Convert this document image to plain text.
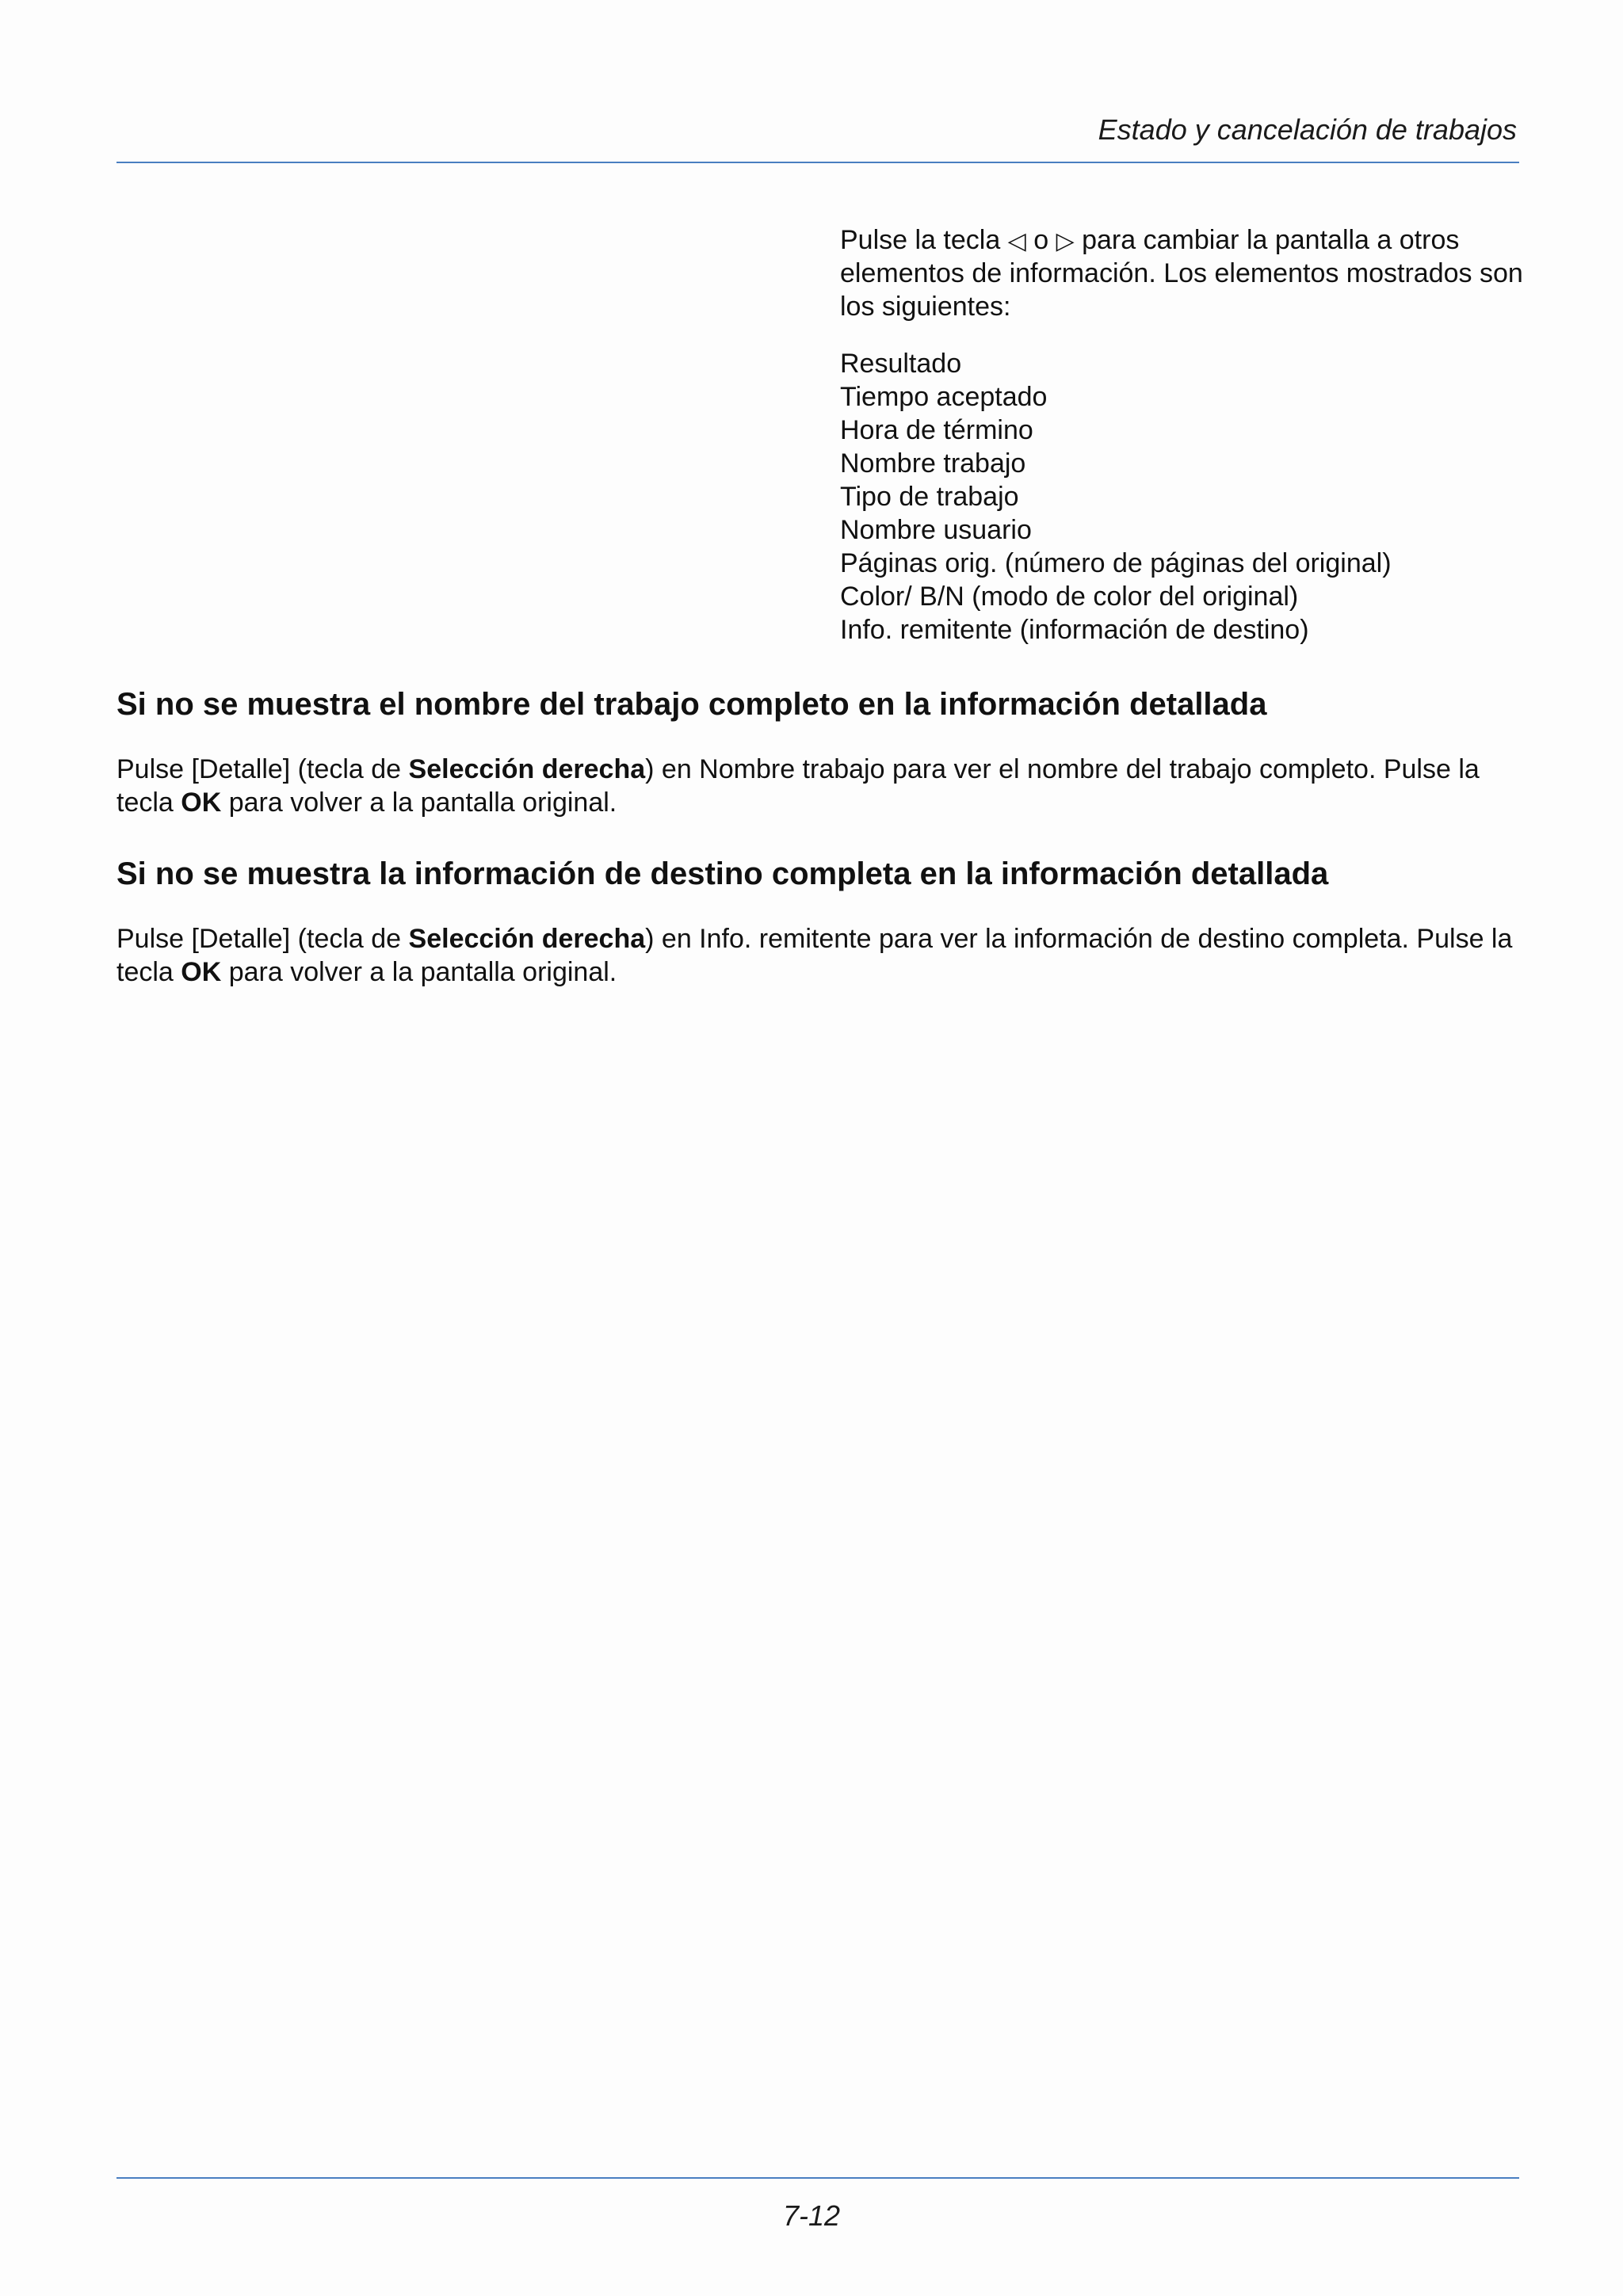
Estado y cancelación de trabajos

Pulse la tecla ◁ o ▷ para cambiar la pantalla a otros elementos de información. Los elementos mostrados son los siguientes:

Resultado
Tiempo aceptado
Hora de término
Nombre trabajo
Tipo de trabajo
Nombre usuario
Páginas orig. (número de páginas del original)
Color/ B/N (modo de color del original)
Info. remitente (información de destino)
Si no se muestra el nombre del trabajo completo en la información detallada

Pulse [Detalle] (tecla de Selección derecha) en Nombre trabajo para ver el nombre del trabajo completo. Pulse la tecla OK para volver a la pantalla original.

Si no se muestra la información de destino completa en la información detallada

Pulse [Detalle] (tecla de Selección derecha) en Info. remitente para ver la información de destino completa. Pulse la tecla OK para volver a la pantalla original.

7-12
